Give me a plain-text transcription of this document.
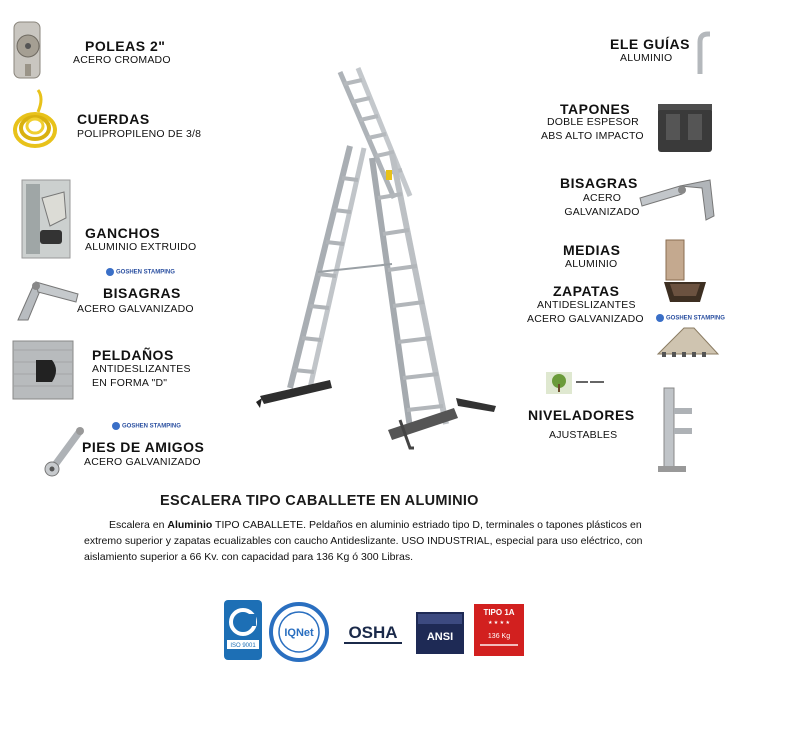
POLEAS 2"
ACERO CROMADO
CUERDAS
POLIPROPILENO DE 3/8
GANCHOS
ALUMINIO EXTRUIDO
GOSHEN STAMPING
BISAGRAS
ACERO GALVANIZADO
PELDAÑOS
ANTIDESLIZANTES
EN FORMA "D"
GOSHEN STAMPING
PIES DE AMIGOS
ACERO GALVANIZADO
ELE GUÍAS
ALUMINIO
TAPONES
DOBLE ESPESOR
ABS ALTO IMPACTO
BISAGRAS
ACERO
GALVANIZADO
MEDIAS
ALUMINIO
ZAPATAS
ANTIDESLIZANTES
ACERO GALVANIZADO	GOSHEN STAMPING
NIVELADORES
AJUSTABLES
ESCALERA TIPO CABALLETE EN ALUMINIO

Escalera en Aluminio TIPO CABALLETE. Peldaños en aluminio estriado tipo D, terminales o tapones plásticos en extremo superior y zapatas ecualizables con caucho Antideslizante. USO INDUSTRIAL, especial para uso eléctrico, con aislamiento superior a 66 Kv. con capacidad para 136 Kg ó 300 Libras.

ISO 9001
IQNet OSHA	ANSI
TIPO 1A
★ ★ ★ ★
136 Kg
